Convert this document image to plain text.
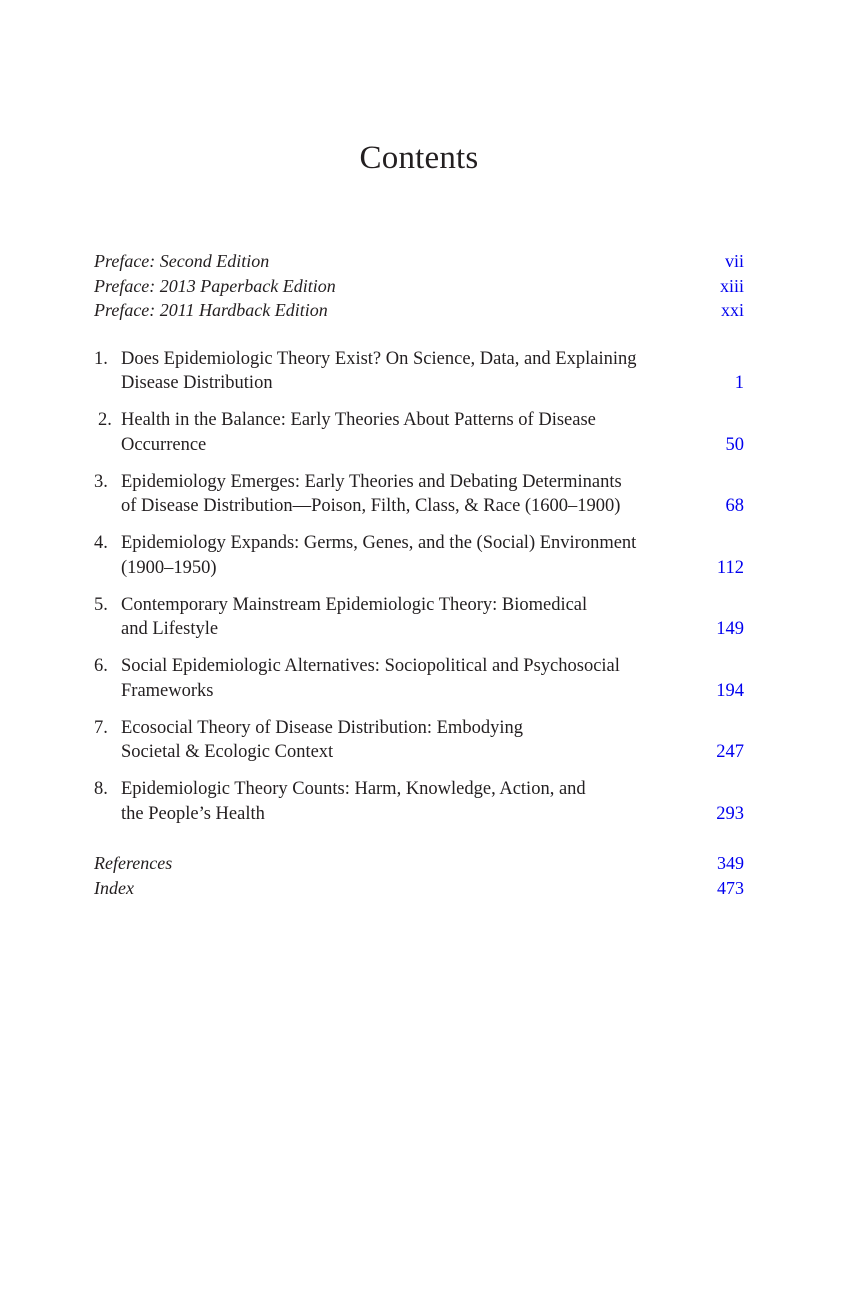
Contents
Preface: Second Edition	vii
Preface: 2013 Paperback Edition	xiii
Preface: 2011 Hardback Edition	xxi
1. Does Epidemiologic Theory Exist? On Science, Data, and Explaining
Disease Distribution	1
2. Health in the Balance: Early Theories About Patterns of Disease
Occurrence	50
3. Epidemiology Emerges: Early Theories and Debating Determinants
of Disease Distribution—Poison, Filth, Class, & Race (1600–1900)	68
4. Epidemiology Expands: Germs, Genes, and the (Social) Environment
(1900–1950)	112
5. Contemporary Mainstream Epidemiologic Theory: Biomedical
and Lifestyle	149
6. Social Epidemiologic Alternatives: Sociopolitical and Psychosocial
Frameworks	194
7. Ecosocial Theory of Disease Distribution: Embodying
Societal & Ecologic Context	247
8. Epidemiologic Theory Counts: Harm, Knowledge, Action, and
the People’s Health	293
References	349
Index	473
